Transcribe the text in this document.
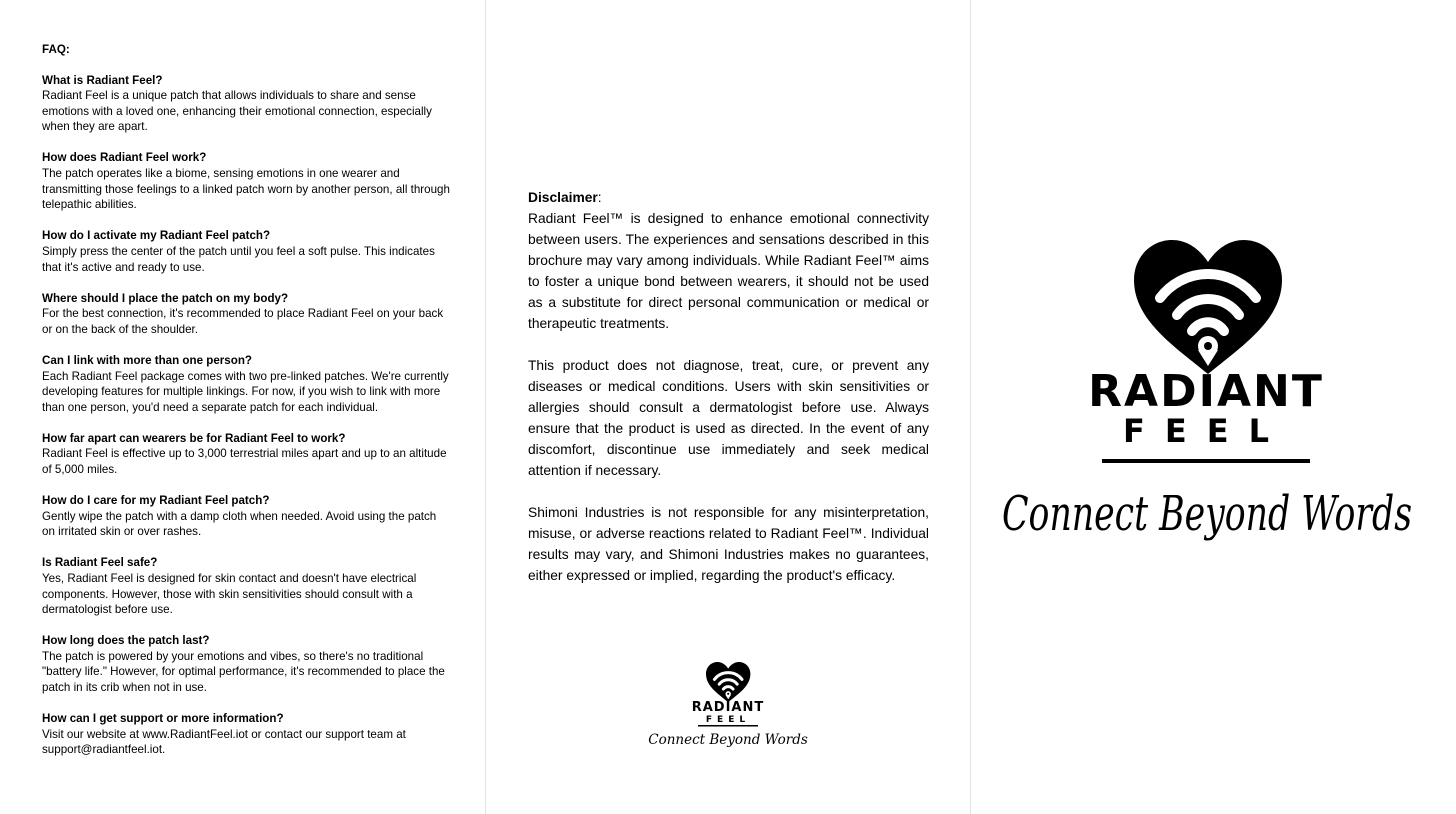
FAQ:
What is Radiant Feel?
Radiant Feel is a unique patch that allows individuals to share and sense emotions with a loved one, enhancing their emotional connection, especially when they are apart.
How does Radiant Feel work?
The patch operates like a biome, sensing emotions in one wearer and transmitting those feelings to a linked patch worn by another person, all through telepathic abilities.
How do I activate my Radiant Feel patch?
Simply press the center of the patch until you feel a soft pulse. This indicates that it's active and ready to use.
Where should I place the patch on my body?
For the best connection, it's recommended to place Radiant Feel on your back or on the back of the shoulder.
Can I link with more than one person?
Each Radiant Feel package comes with two pre-linked patches. We're currently developing features for multiple linkings. For now, if you wish to link with more than one person, you'd need a separate patch for each individual.
How far apart can wearers be for Radiant Feel to work?
Radiant Feel is effective up to 3,000 terrestrial miles apart and up to an altitude of 5,000 miles.
How do I care for my Radiant Feel patch?
Gently wipe the patch with a damp cloth when needed. Avoid using the patch on irritated skin or over rashes.
Is Radiant Feel safe?
Yes, Radiant Feel is designed for skin contact and doesn't have electrical components. However, those with skin sensitivities should consult with a dermatologist before use.
How long does the patch last?
The patch is powered by your emotions and vibes, so there's no traditional "battery life." However, for optimal performance, it's recommended to place the patch in its crib when not in use.
How can I get support or more information?
Visit our website at www.RadiantFeel.iot or contact our support team at support@radiantfeel.iot.
Disclaimer:

Radiant Feel™ is designed to enhance emotional connectivity between users. The experiences and sensations described in this brochure may vary among individuals. While Radiant Feel™ aims to foster a unique bond between wearers, it should not be used as a substitute for direct personal communication or medical or therapeutic treatments.

This product does not diagnose, treat, cure, or prevent any diseases or medical conditions. Users with skin sensitivities or allergies should consult a dermatologist before use. Always ensure that the product is used as directed. In the event of any discomfort, discontinue use immediately and seek medical attention if necessary.

Shimoni Industries is not responsible for any misinterpretation, misuse, or adverse reactions related to Radiant Feel™. Individual results may vary, and Shimoni Industries makes no guarantees, either expressed or implied, regarding the product's efficacy.

RADIANT
FEEL
Connect Beyond Words
RADIANT
FEEL
Connect Beyond Words
